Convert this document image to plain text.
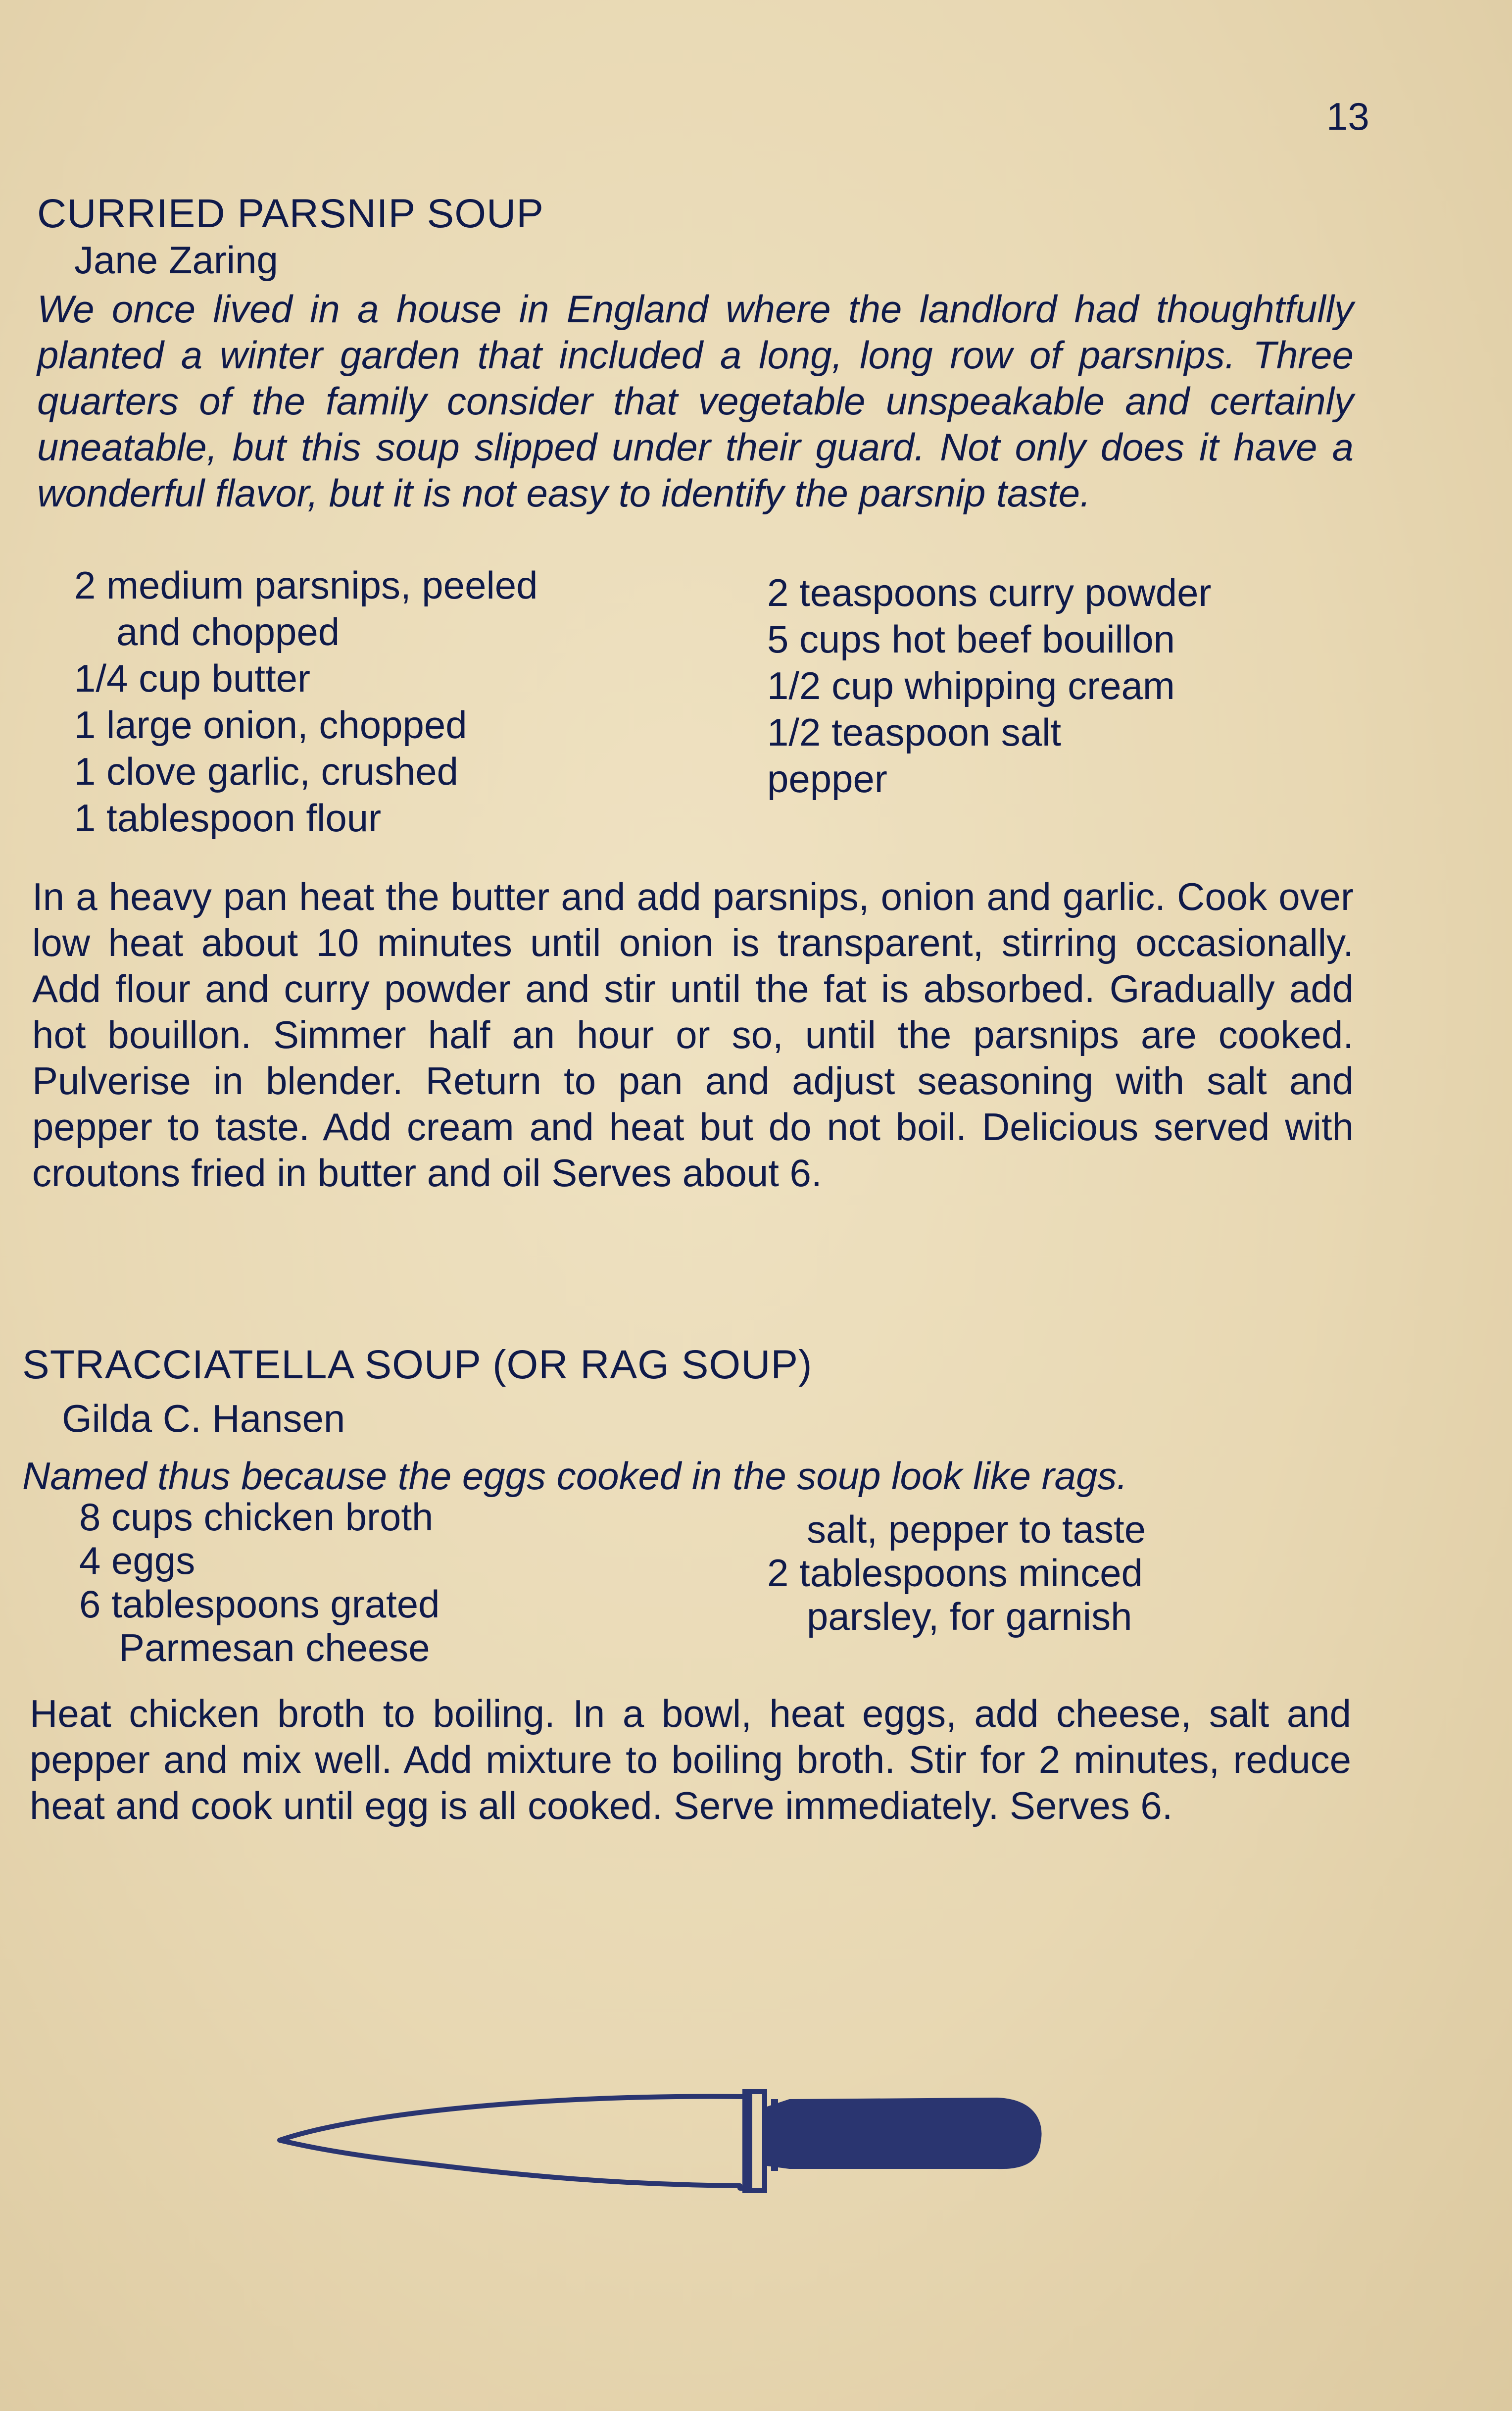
13
CURRIED PARSNIP SOUP
Jane Zaring
We once lived in a house in England where the landlord had thoughtfully planted a winter garden that included a long, long row of parsnips. Three quarters of the family consider that vegetable unspeakable and certainly uneatable, but this soup slipped under their guard. Not only does it have a wonderful flavor, but it is not easy to identify the parsnip taste.
2 medium parsnips, peeled
and chopped
1/4 cup butter
1 large onion, chopped
1 clove garlic, crushed
1 tablespoon flour
2 teaspoons curry powder
5 cups hot beef bouillon
1/2 cup whipping cream
1/2 teaspoon salt
pepper
In a heavy pan heat the butter and add parsnips, onion and garlic. Cook over low heat about 10 minutes until onion is transparent, stirring occasionally. Add flour and curry powder and stir until the fat is absorbed. Gradually add hot bouillon. Simmer half an hour or so, until the parsnips are cooked. Pulverise in blender. Return to pan and adjust seasoning with salt and pepper to taste. Add cream and heat but do not boil. Delicious served with croutons fried in butter and oil Serves about 6.
STRACCIATELLA SOUP (OR RAG SOUP)
Gilda C. Hansen
Named thus because the eggs cooked in the soup look like rags.
8 cups chicken broth
4 eggs
6 tablespoons grated
Parmesan cheese
salt, pepper to taste
2 tablespoons minced
parsley, for garnish
Heat chicken broth to boiling. In a bowl, heat eggs, add cheese, salt and pepper and mix well. Add mixture to boiling broth. Stir for 2 minutes, reduce heat and cook until egg is all cooked. Serve immediately. Serves 6.
